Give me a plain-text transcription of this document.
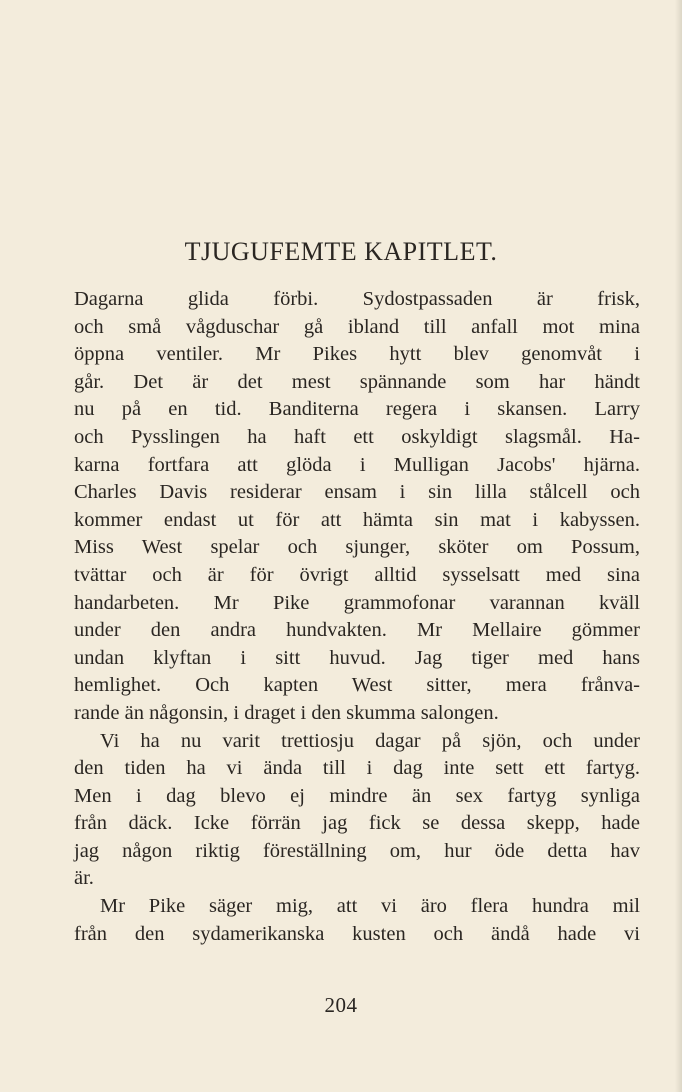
TJUGUFEMTE KAPITLET.
Dagarna glida förbi. Sydostpassaden är frisk,
och små vågduschar gå ibland till anfall mot mina
öppna ventiler. Mr Pikes hytt blev genomvåt i
går. Det är det mest spännande som har händt
nu på en tid. Banditerna regera i skansen. Larry
och Pysslingen ha haft ett oskyldigt slagsmål. Ha-
karna fortfara att glöda i Mulligan Jacobs' hjärna.
Charles Davis residerar ensam i sin lilla stålcell och
kommer endast ut för att hämta sin mat i kabyssen.
Miss West spelar och sjunger, sköter om Possum,
tvättar och är för övrigt alltid sysselsatt med sina
handarbeten. Mr Pike grammofonar varannan kväll
under den andra hundvakten. Mr Mellaire gömmer
undan klyftan i sitt huvud. Jag tiger med hans
hemlighet. Och kapten West sitter, mera frånva-
rande än någonsin, i draget i den skumma salongen.
Vi ha nu varit trettiosju dagar på sjön, och under
den tiden ha vi ända till i dag inte sett ett fartyg.
Men i dag blevo ej mindre än sex fartyg synliga
från däck. Icke förrän jag fick se dessa skepp, hade
jag någon riktig föreställning om, hur öde detta hav
är.
Mr Pike säger mig, att vi äro flera hundra mil
från den sydamerikanska kusten och ändå hade vi
204
